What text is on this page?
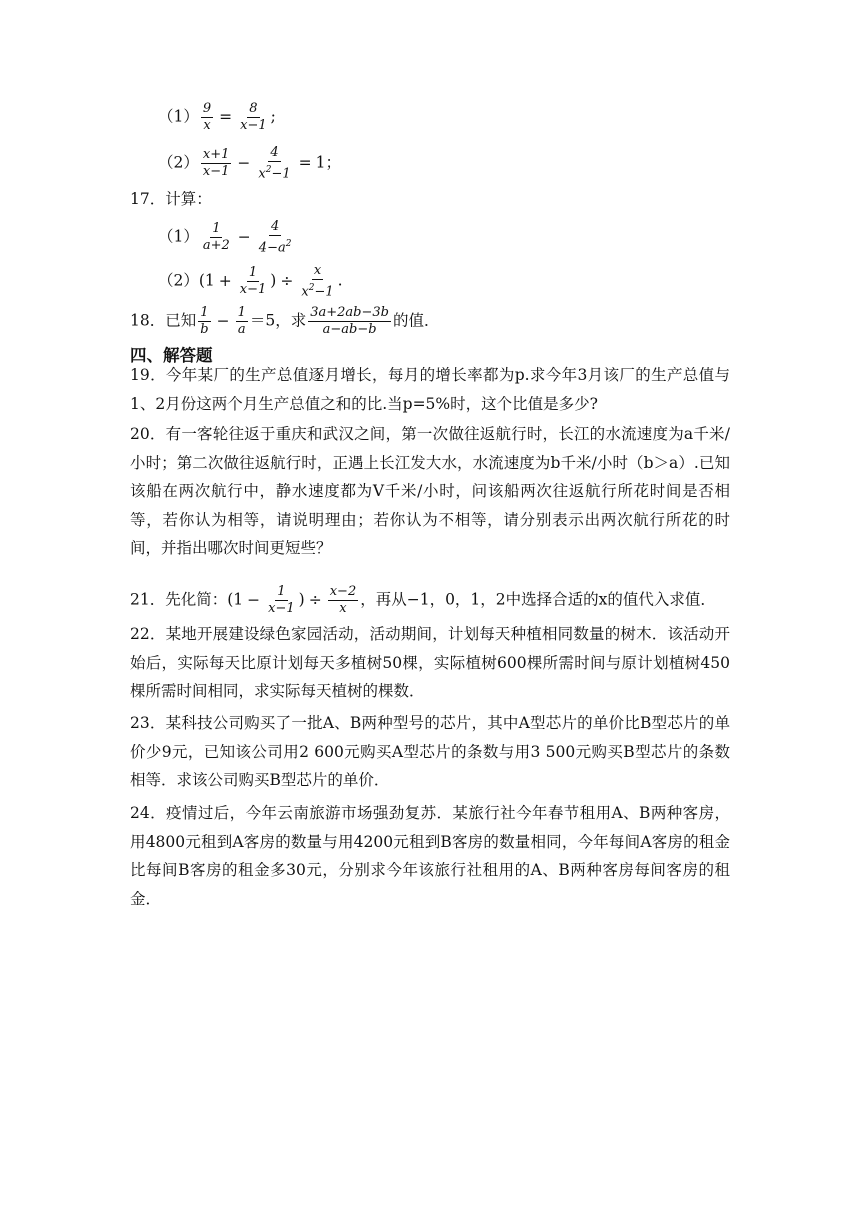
$(1) \frac{9}{x} = \frac{8}{x-1}$ ;
$(2) \frac{x+1}{x-1} - \frac{4}{x^2-1} = 1$；
17．计算：
$(1) \frac{1}{a+2} - \frac{4}{4-a^2}$
$(2)(1 + \frac{1}{x-1}$ ) ÷ $\frac{x}{x^2-1}$ .
18．已知 $\frac{1}{b} - \frac{1}{a} =5$，求 $\frac{3a+2ab-3b}{a-ab-b}$ 的值．
四、解答题
19．今年某厂的生产总值逐月增长，每月的增长率都为p.求今年3月该厂的生产总值与1、2月份这两个月生产总值之和的比.当p=5%时，这个比值是多少?
20．有一客轮往返于重庆和武汉之间，第一次做往返航行时，长江的水流速度为a千米/小时；第二次做往返航行时，正遇上长江发大水，水流速度为b千米/小时（b＞a）.已知该船在两次航行中，静水速度都为V千米/小时，问该船两次往返航行所花时间是否相等，若你认为相等，请说明理由；若你认为不相等，请分别表示出两次航行所花的时间，并指出哪次时间更短些？
21．先化简：($1 - \frac{1}{x-1}$ ) ÷ $\frac{x-2}{x}$ ，再从−1，0，1，2中选择合适的x的值代入求值．
22．某地开展建设绿色家园活动，活动期间，计划每天种植相同数量的树木．该活动开始后，实际每天比原计划每天多植树50棵，实际植树600棵所需时间与原计划植树450棵所需时间相同，求实际每天植树的棵数．
23．某科技公司购买了一批A、B两种型号的芯片，其中A型芯片的单价比B型芯片的单价少9元，已知该公司用2 600元购买A型芯片的条数与用3 500元购买B型芯片的条数相等．求该公司购买B型芯片的单价．
24．疫情过后，今年云南旅游市场强劲复苏．某旅行社今年春节租用A、B两种客房，用4800元租到A客房的数量与用4200元租到B客房的数量相同，今年每间A客房的租金比每间B客房的租金多30元，分别求今年该旅行社租用的A、B两种客房每间客房的租金．
